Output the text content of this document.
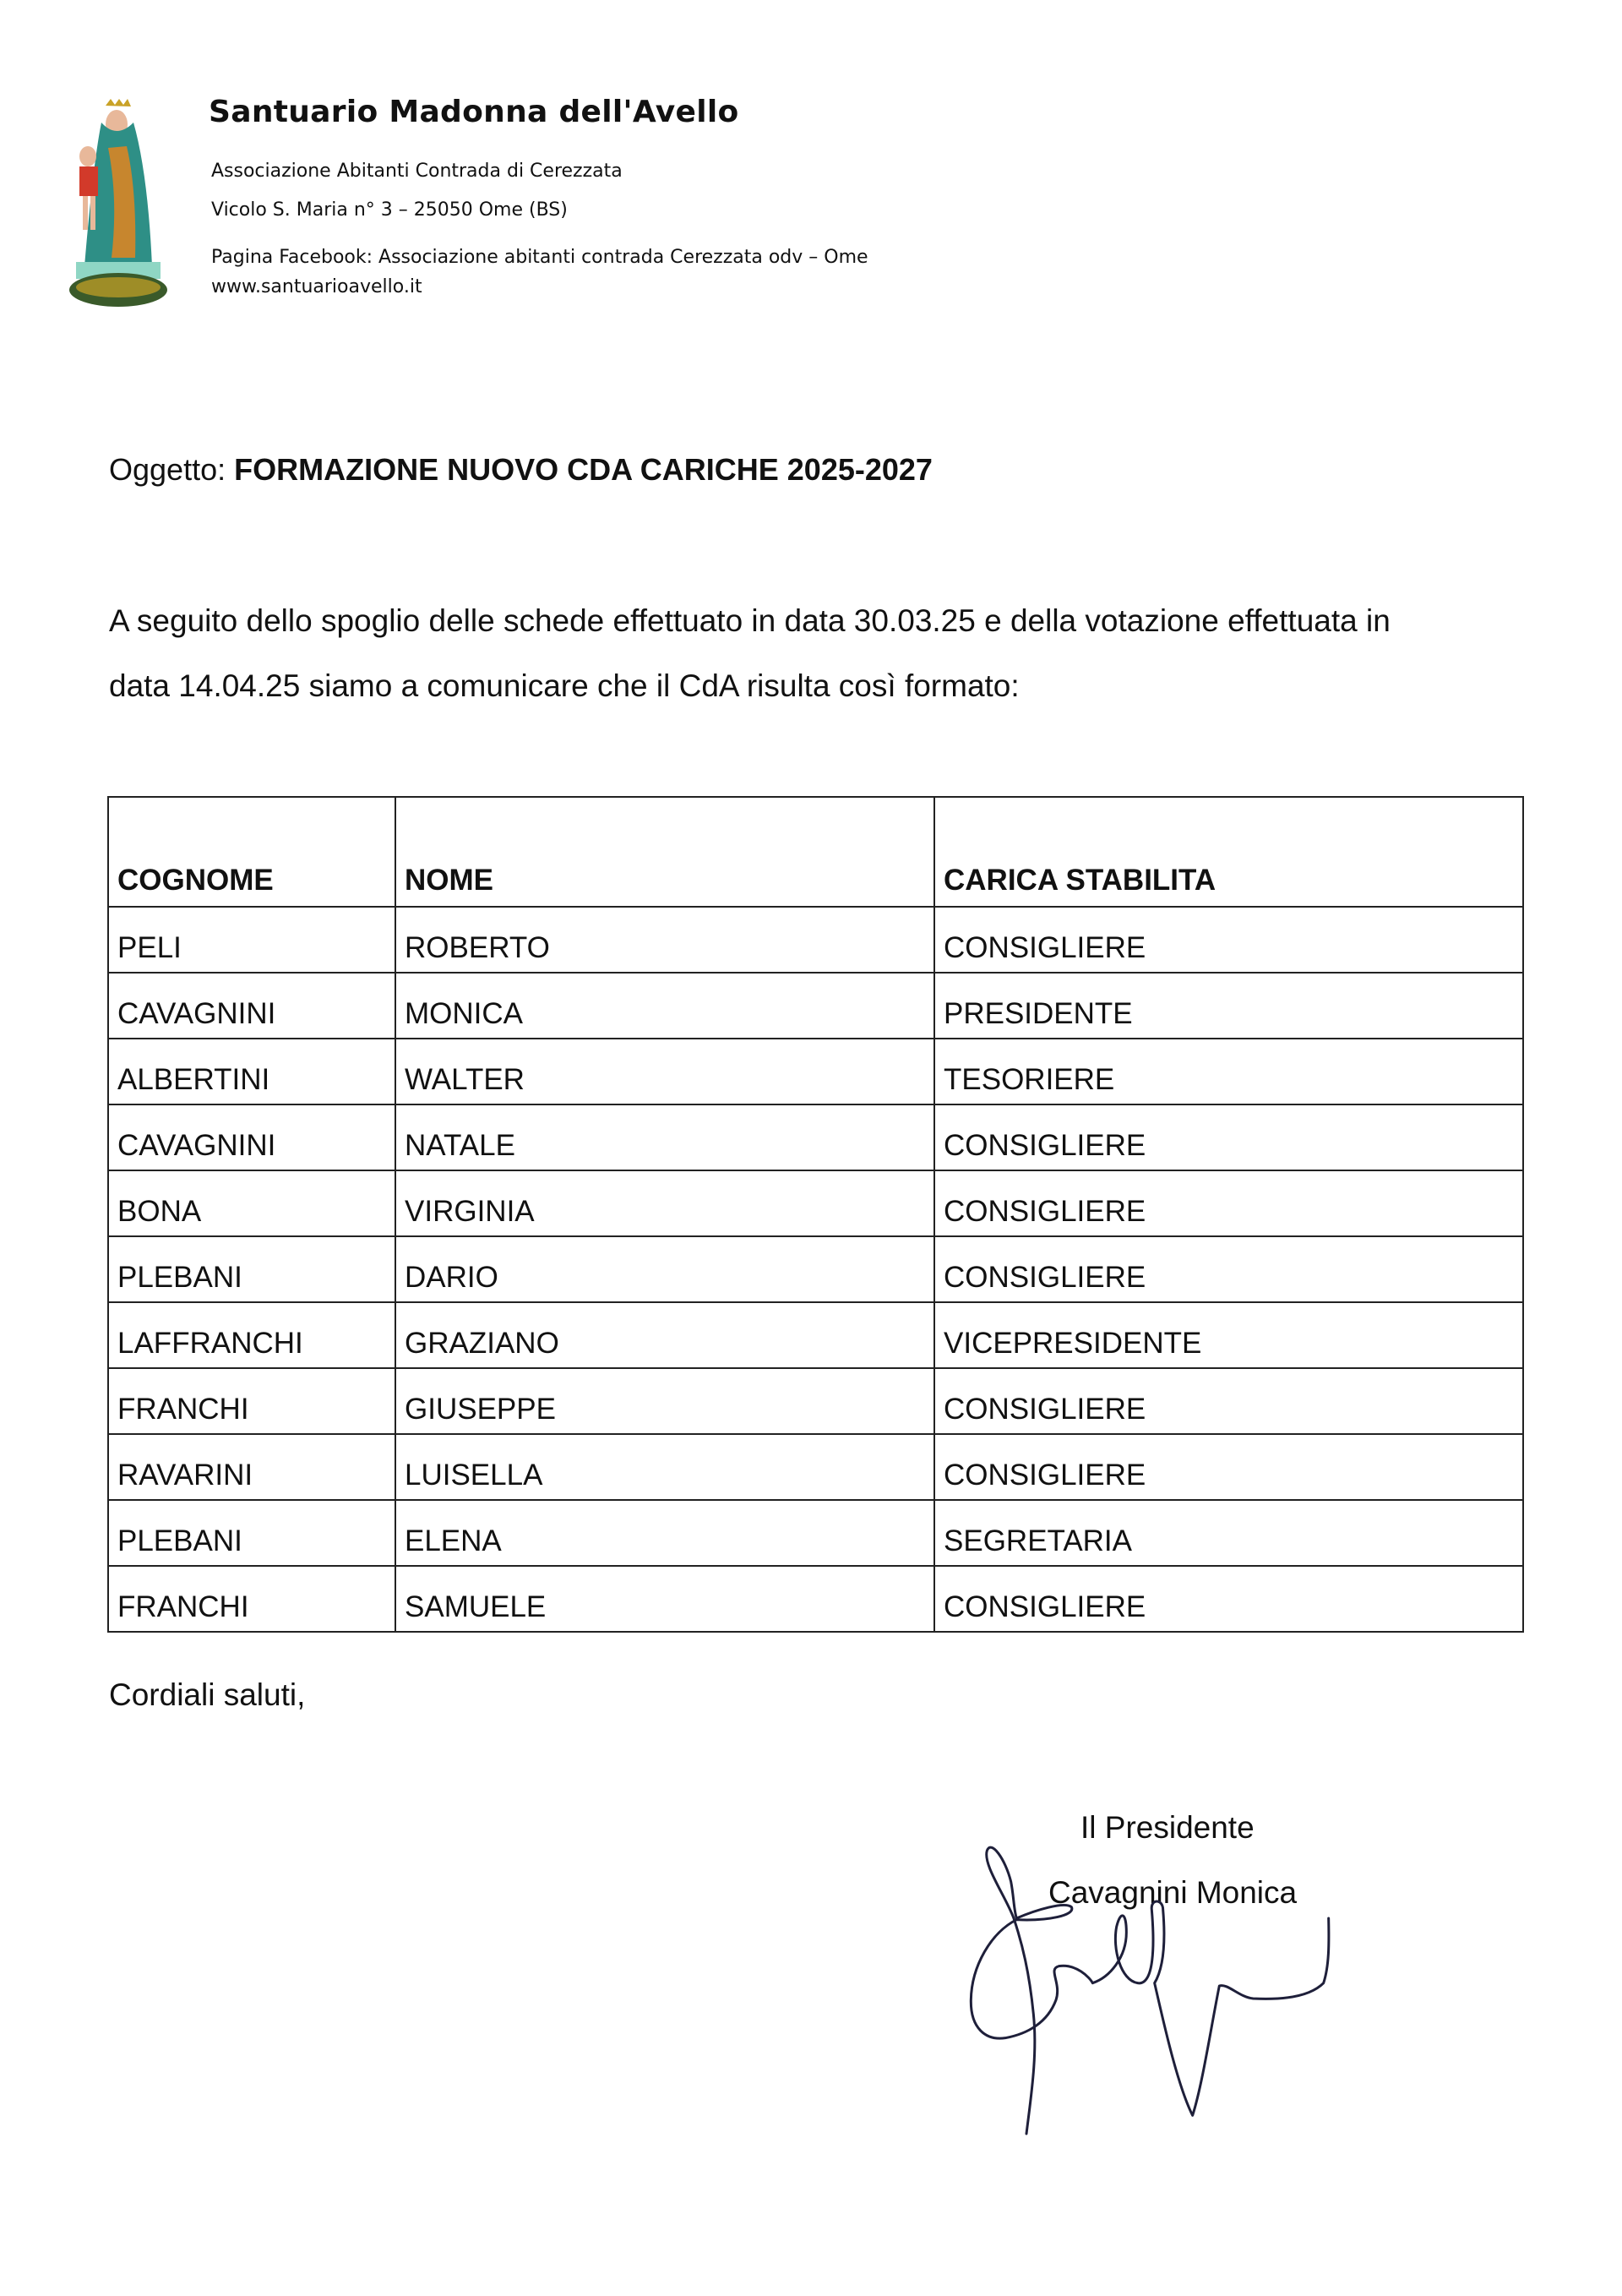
Santuario Madonna dell'Avello
Associazione Abitanti Contrada di Cerezzata
Vicolo S. Maria n° 3 – 25050 Ome (BS)
Pagina Facebook: Associazione abitanti contrada Cerezzata odv – Ome
www.santuarioavello.it
Oggetto: FORMAZIONE NUOVO CDA CARICHE 2025-2027
A seguito dello spoglio delle schede effettuato in data 30.03.25 e della votazione effettuata in
data 14.04.25 siamo a comunicare che il CdA risulta così formato:
COGNOME	NOME	CARICA STABILITA
PELI	ROBERTO	CONSIGLIERE
CAVAGNINI	MONICA	PRESIDENTE
ALBERTINI	WALTER	TESORIERE
CAVAGNINI	NATALE	CONSIGLIERE
BONA	VIRGINIA	CONSIGLIERE
PLEBANI	DARIO	CONSIGLIERE
LAFFRANCHI	GRAZIANO	VICEPRESIDENTE
FRANCHI	GIUSEPPE	CONSIGLIERE
RAVARINI	LUISELLA	CONSIGLIERE
PLEBANI	ELENA	SEGRETARIA
FRANCHI	SAMUELE	CONSIGLIERE
Cordiali saluti,
Il Presidente
Cavagnini Monica
